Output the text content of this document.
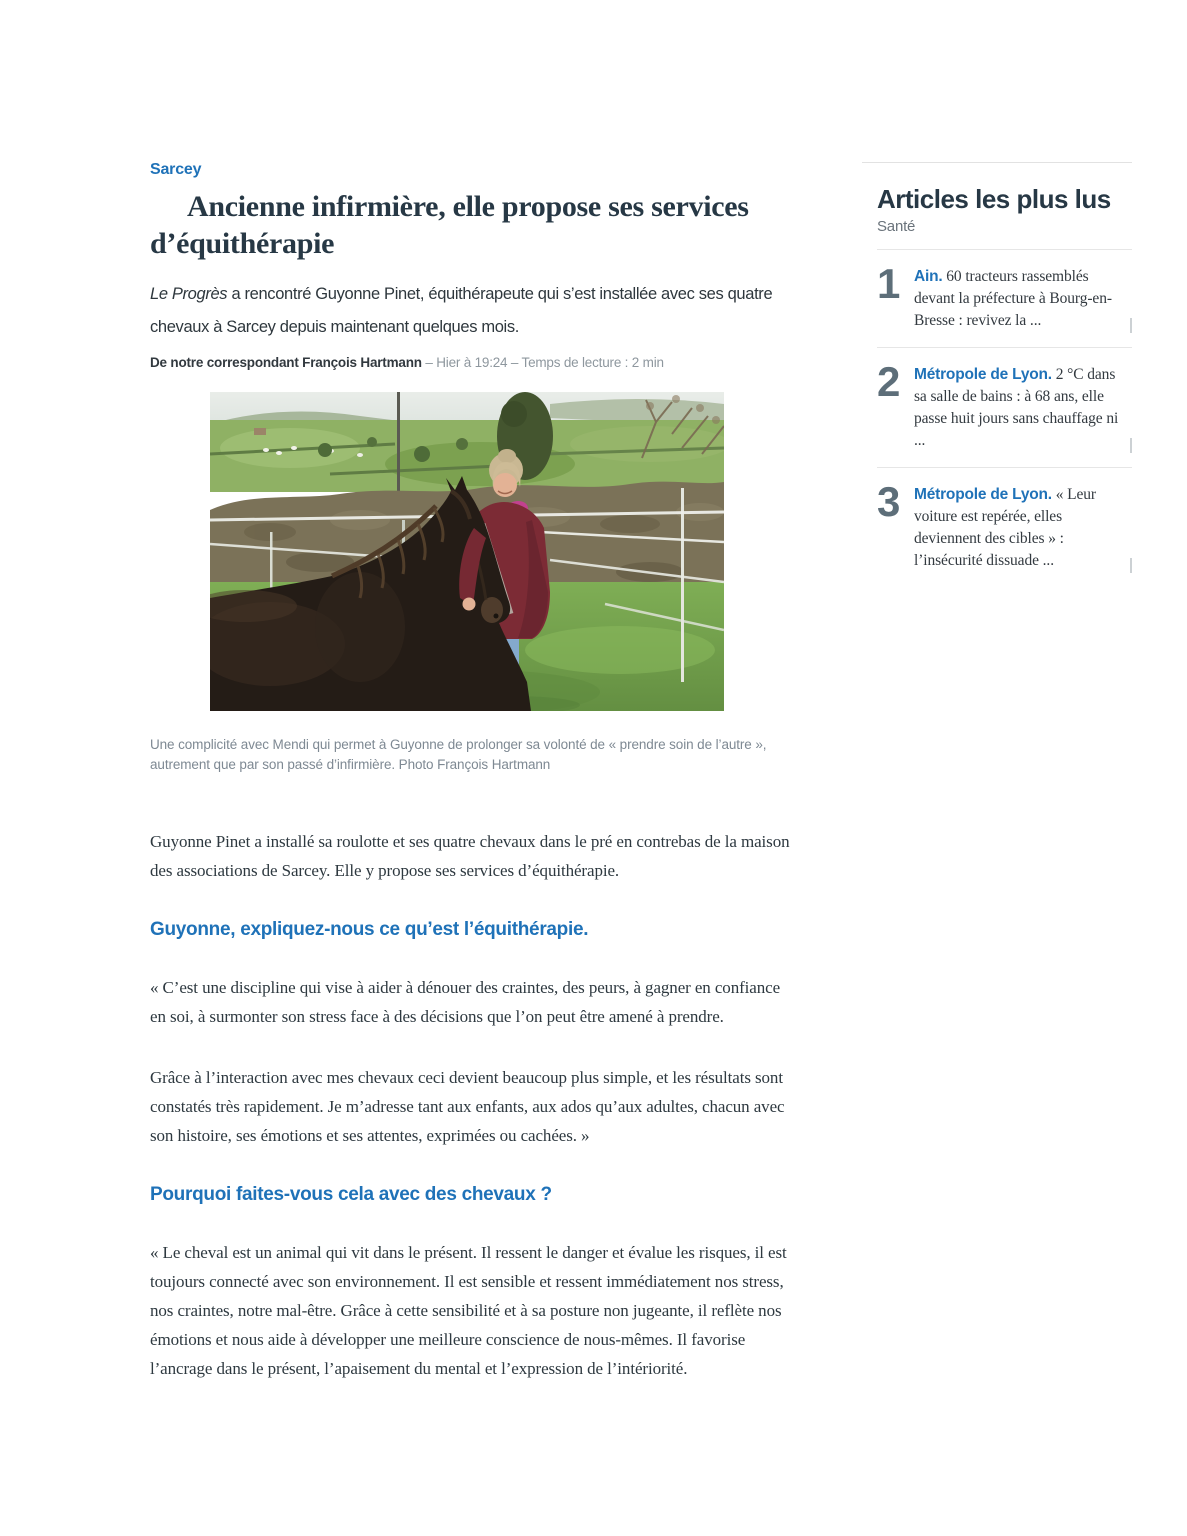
Sarcey
Ancienne infirmière, elle propose ses services d’équithérapie

Le Progrès a rencontré Guyonne Pinet, équithérapeute qui s’est installée avec ses quatre chevaux à Sarcey depuis maintenant quelques mois.

De notre correspondant François Hartmann – Hier à 19:24 – Temps de lecture : 2 min

Une complicité avec Mendi qui permet à Guyonne de prolonger sa volonté de « prendre soin de l’autre », autrement que par son passé d’infirmière. Photo François Hartmann

Guyonne Pinet a installé sa roulotte et ses quatre chevaux dans le pré en contrebas de la maison des associations de Sarcey. Elle y propose ses services d’équithérapie.

Guyonne, expliquez-nous ce qu’est l’équithérapie.

« C’est une discipline qui vise à aider à dénouer des craintes, des peurs, à gagner en confiance en soi, à surmonter son stress face à des décisions que l’on peut être amené à prendre.

Grâce à l’interaction avec mes chevaux ceci devient beaucoup plus simple, et les résultats sont constatés très rapidement. Je m’adresse tant aux enfants, aux ados qu’aux adultes, chacun avec son histoire, ses émotions et ses attentes, exprimées ou cachées. »

Pourquoi faites-vous cela avec des chevaux ?

« Le cheval est un animal qui vit dans le présent. Il ressent le danger et évalue les risques, il est toujours connecté avec son environnement. Il est sensible et ressent immédiatement nos stress, nos craintes, notre mal-être. Grâce à cette sensibilité et à sa posture non jugeante, il reflète nos émotions et nous aide à développer une meilleure conscience de nous-mêmes. Il favorise l’ancrage dans le présent, l’apaisement du mental et l’expression de l’intériorité.

Articles les plus lus
Santé
1 Ain. 60 tracteurs rassemblés devant la préfecture à Bourg-en-Bresse : revivez la ...
2 Métropole de Lyon. 2 °C dans sa salle de bains : à 68 ans, elle passe huit jours sans chauffage ni ...
3 Métropole de Lyon. « Leur voiture est repérée, elles deviennent des cibles » : l’insécurité dissuade ...
